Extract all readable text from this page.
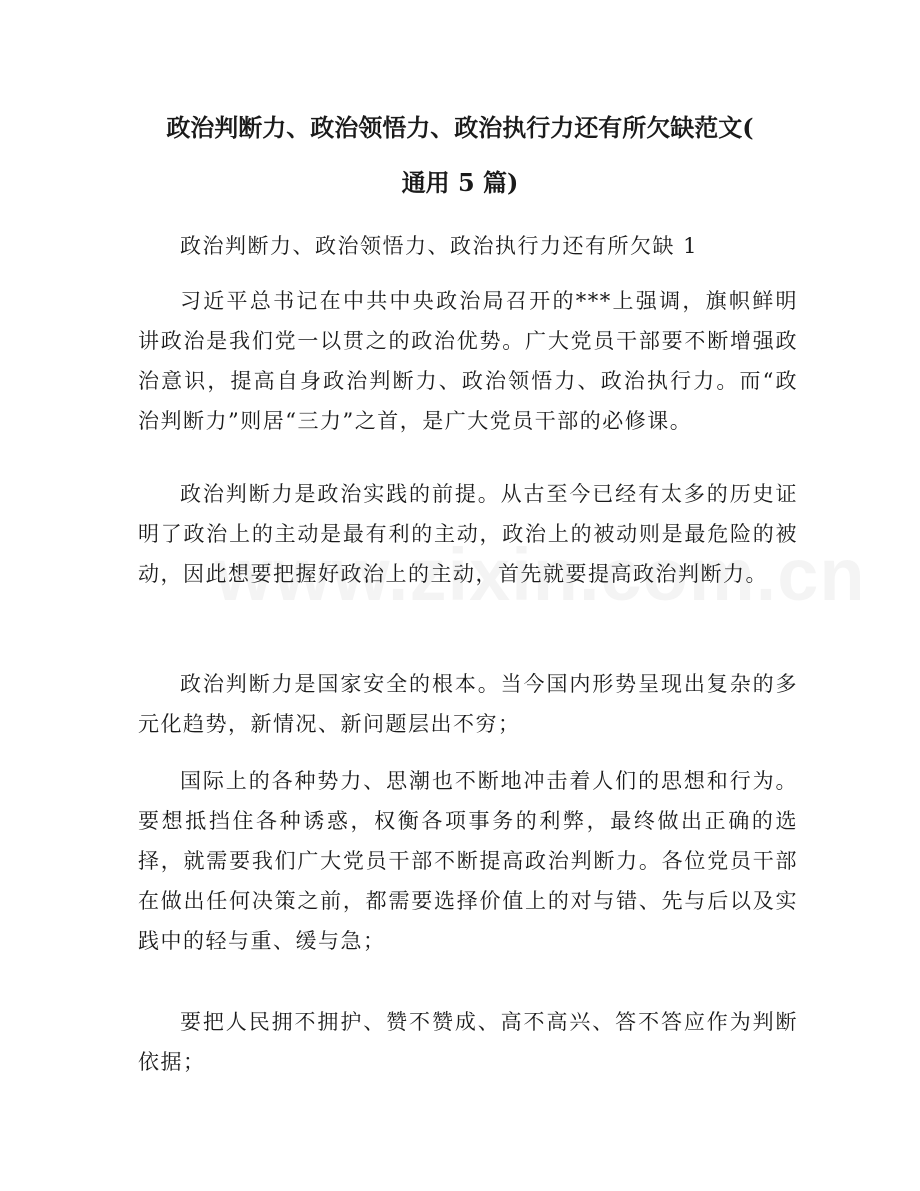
政治判断力、政治领悟力、政治执行力还有所欠缺范文(
通用 5 篇)

政治判断力、政治领悟力、政治执行力还有所欠缺 1

习近平总书记在中共中央政治局召开的***上强调，旗帜鲜明讲政治是我们党一以贯之的政治优势。广大党员干部要不断增强政治意识，提高自身政治判断力、政治领悟力、政治执行力。而“政治判断力”则居“三力”之首，是广大党员干部的必修课。

政治判断力是政治实践的前提。从古至今已经有太多的历史证明了政治上的主动是最有利的主动，政治上的被动则是最危险的被动，因此想要把握好政治上的主动，首先就要提高政治判断力。

政治判断力是国家安全的根本。当今国内形势呈现出复杂的多元化趋势，新情况、新问题层出不穷；

国际上的各种势力、思潮也不断地冲击着人们的思想和行为。要想抵挡住各种诱惑，权衡各项事务的利弊，最终做出正确的选择，就需要我们广大党员干部不断提高政治判断力。各位党员干部在做出任何决策之前，都需要选择价值上的对与错、先与后以及实践中的轻与重、缓与急；

要把人民拥不拥护、赞不赞成、高不高兴、答不答应作为判断依据；
